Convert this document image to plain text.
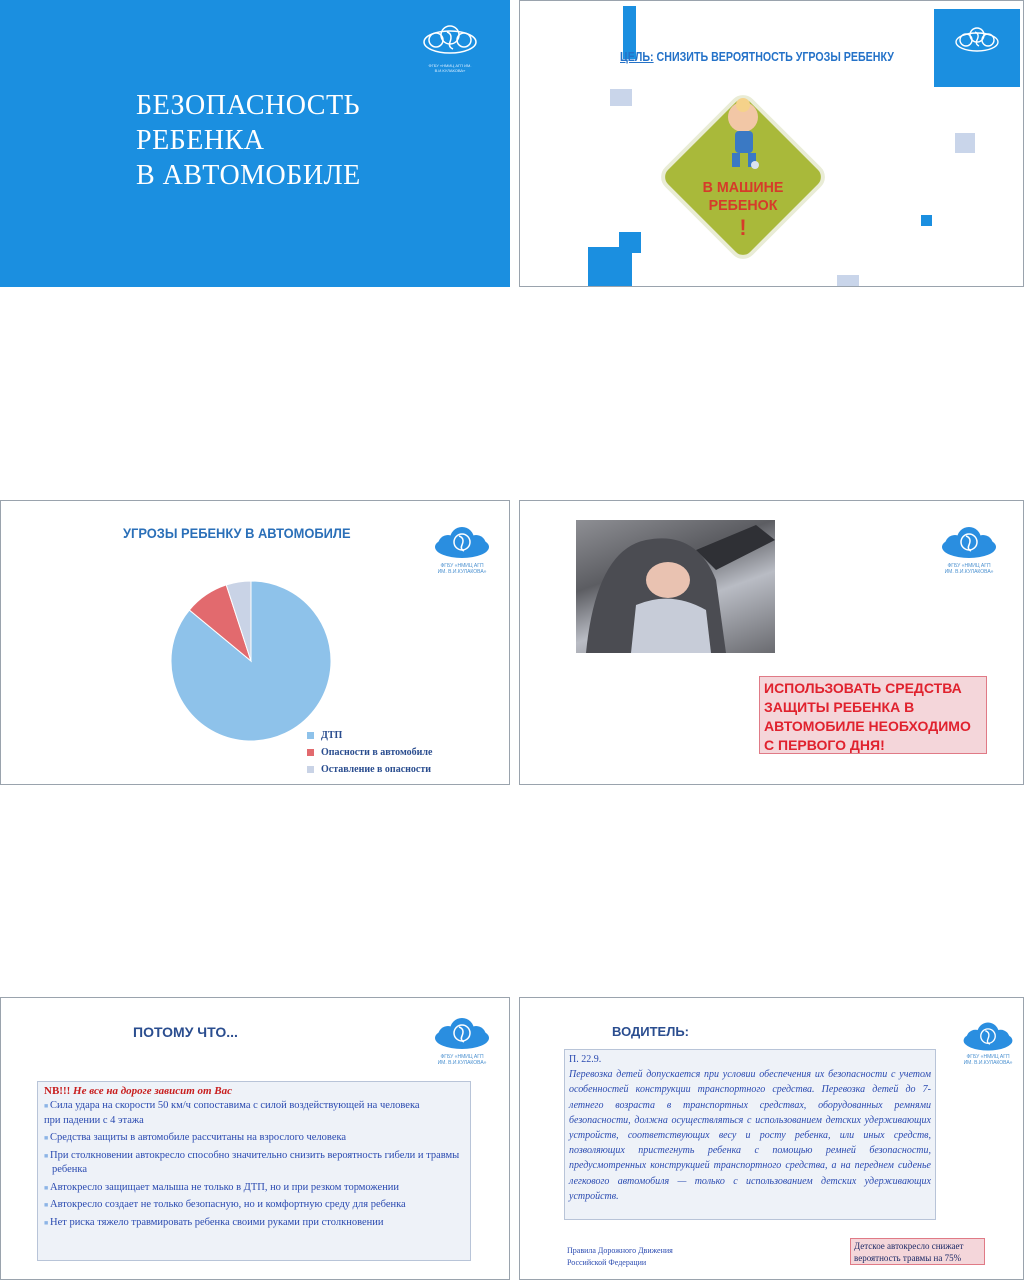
ФГБУ «НМИЦ АГП ИМ. В.И.КУЛАКОВА»
БЕЗОПАСНОСТЬ
РЕБЕНКА
В АВТОМОБИЛЕ
ЦЕЛЬ: СНИЗИТЬ ВЕРОЯТНОСТЬ УГРОЗЫ РЕБЕНКУ
В МАШИНЕ
РЕБЕНОК
!
УГРОЗЫ РЕБЕНКУ В АВТОМОБИЛЕ
ФГБУ «НМИЦ АГП
ИМ. В.И.КУЛАКОВА»
ДТП
Опасности в автомобиле
Оставление в опасности
ФГБУ «НМИЦ АГП
ИМ. В.И.КУЛАКОВА»
ИСПОЛЬЗОВАТЬ СРЕДСТВА
ЗАЩИТЫ РЕБЕНКА В
АВТОМОБИЛЕ НЕОБХОДИМО
С ПЕРВОГО ДНЯ!
ПОТОМУ ЧТО...
ФГБУ «НМИЦ АГП
ИМ. В.И.КУЛАКОВА»
NB!!! Не все на дороге зависит от Вас
■ Сила удара на скорости 50 км/ч сопоставима с силой воздействующей на человека
при падении с 4 этажа
■ Средства защиты в автомобиле рассчитаны на взрослого человека
■ При столкновении автокресло способно значительно снизить вероятность гибели и травмы ребенка
■ Автокресло защищает малыша не только в ДТП, но и при резком торможении
■ Автокресло создает не только безопасную, но и комфортную среду для ребенка
■ Нет риска тяжело травмировать ребенка своими руками при столкновении
ВОДИТЕЛЬ:
ФГБУ «НМИЦ АГП
ИМ. В.И.КУЛАКОВА»
П. 22.9.
Перевозка детей допускается при условии обеспечения их безопасности с учетом особенностей конструкции транспортного средства. Перевозка детей до 7-летнего возраста в транспортных средствах, оборудованных ремнями безопасности, должна осуществляться с использованием детских удерживающих устройств, соответствующих весу и росту ребенка, или иных средств, позволяющих пристегнуть ребенка с помощью ремней безопасности, предусмотренных конструкцией транспортного средства, а на переднем сиденье легкового автомобиля — только с использованием детских удерживающих устройств.
Правила Дорожного Движения
Российской Федерации
Детское автокресло снижает
вероятность травмы на 75%
